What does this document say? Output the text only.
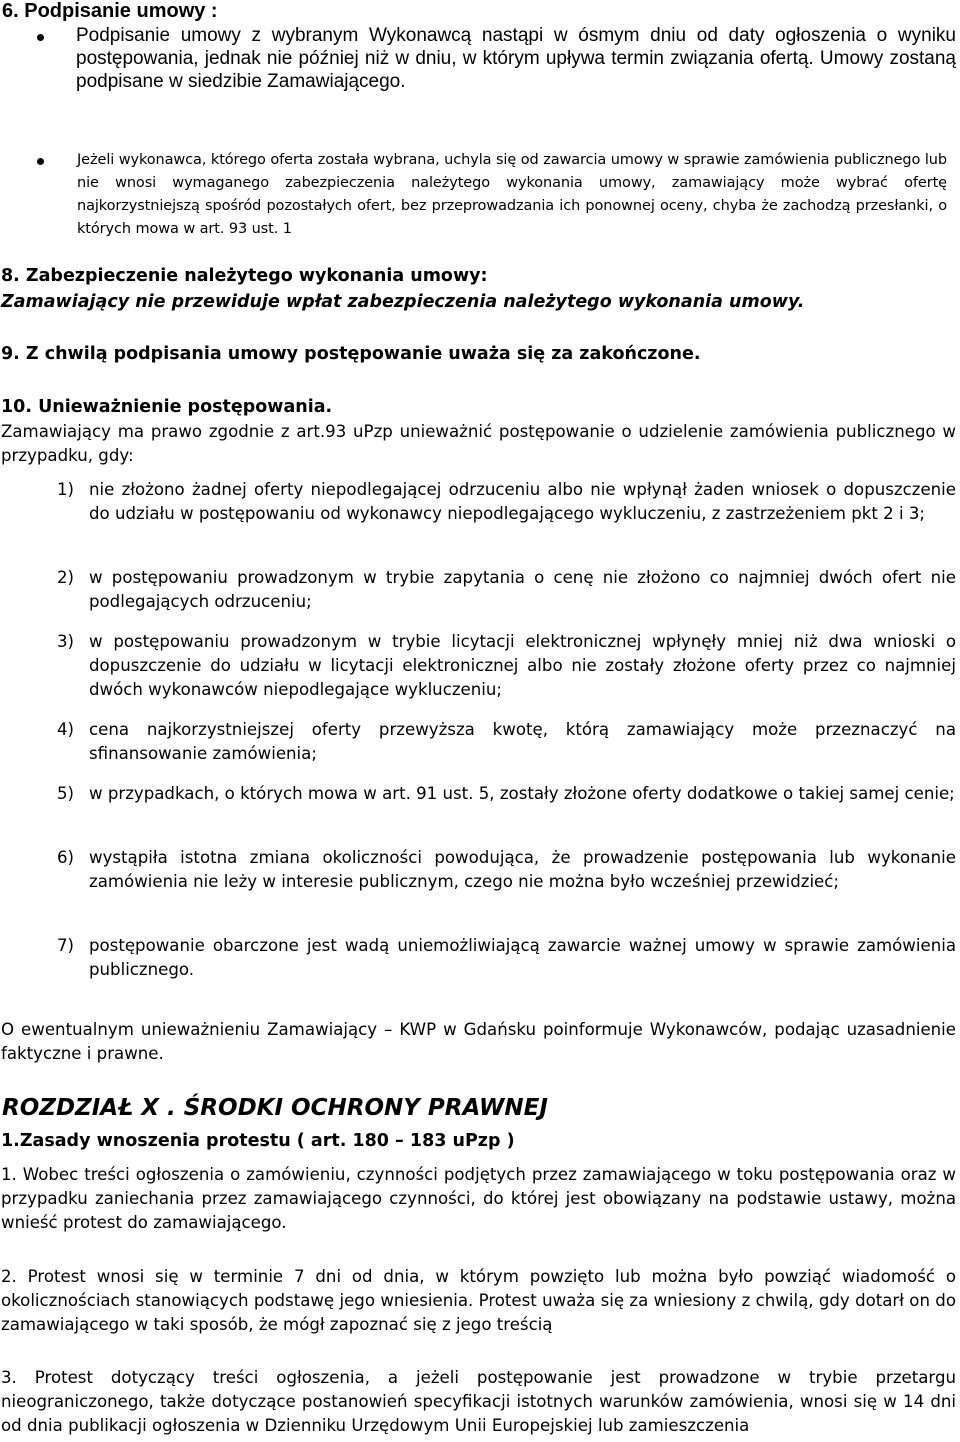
6. Podpisanie umowy :
Podpisanie umowy z wybranym Wykonawcą nastąpi w ósmym dniu od daty ogłoszenia o wyniku postępowania, jednak nie później niż w dniu, w którym upływa termin związania ofertą. Umowy zostaną podpisane w siedzibie Zamawiającego.
Jeżeli wykonawca, którego oferta została wybrana, uchyla się od zawarcia umowy w sprawie zamówienia publicznego lub nie wnosi wymaganego zabezpieczenia należytego wykonania umowy, zamawiający może wybrać ofertę najkorzystniejszą spośród pozostałych ofert, bez przeprowadzania ich ponownej oceny, chyba że zachodzą przesłanki, o których mowa w art. 93 ust. 1
8. Zabezpieczenie należytego wykonania umowy:
Zamawiający nie przewiduje wpłat zabezpieczenia należytego wykonania umowy.
9. Z chwilą podpisania umowy postępowanie uważa się za zakończone.
10. Unieważnienie postępowania.
Zamawiający ma prawo zgodnie z art.93 uPzp unieważnić postępowanie o udzielenie zamówienia publicznego w przypadku, gdy:
1) nie złożono żadnej oferty niepodlegającej odrzuceniu albo nie wpłynął żaden wniosek o dopuszczenie do udziału w postępowaniu od wykonawcy niepodlegającego wykluczeniu, z zastrzeżeniem pkt 2 i 3;
2) w postępowaniu prowadzonym w trybie zapytania o cenę nie złożono co najmniej dwóch ofert nie podlegających odrzuceniu;
3) w postępowaniu prowadzonym w trybie licytacji elektronicznej wpłynęły mniej niż dwa wnioski o dopuszczenie do udziału w licytacji elektronicznej albo nie zostały złożone oferty przez co najmniej dwóch wykonawców niepodlegające wykluczeniu;
4) cena najkorzystniejszej oferty przewyższa kwotę, którą zamawiający może przeznaczyć na sfinansowanie zamówienia;
5) w przypadkach, o których mowa w art. 91 ust. 5, zostały złożone oferty dodatkowe o takiej samej cenie;
6) wystąpiła istotna zmiana okoliczności powodująca, że prowadzenie postępowania lub wykonanie zamówienia nie leży w interesie publicznym, czego nie można było wcześniej przewidzieć;
7) postępowanie obarczone jest wadą uniemożliwiającą zawarcie ważnej umowy w sprawie zamówienia publicznego.
O ewentualnym unieważnieniu Zamawiający – KWP w Gdańsku poinformuje Wykonawców, podając uzasadnienie faktyczne i prawne.
ROZDZIAŁ X . ŚRODKI OCHRONY PRAWNEJ
1.Zasady wnoszenia protestu ( art. 180 – 183 uPzp )
1. Wobec treści ogłoszenia o zamówieniu, czynności podjętych przez zamawiającego w toku postępowania oraz w przypadku zaniechania przez zamawiającego czynności, do której jest obowiązany na podstawie ustawy, można wnieść protest do zamawiającego.
2. Protest wnosi się w terminie 7 dni od dnia, w którym powzięto lub można było powziąć wiadomość o okolicznościach stanowiących podstawę jego wniesienia. Protest uważa się za wniesiony z chwilą, gdy dotarł on do zamawiającego w taki sposób, że mógł zapoznać się z jego treścią
3. Protest dotyczący treści ogłoszenia, a jeżeli postępowanie jest prowadzone w trybie przetargu nieograniczonego, także dotyczące postanowień specyfikacji istotnych warunków zamówienia, wnosi się w 14 dni od dnia publikacji ogłoszenia w Dzienniku Urzędowym Unii Europejskiej lub zamieszczenia
